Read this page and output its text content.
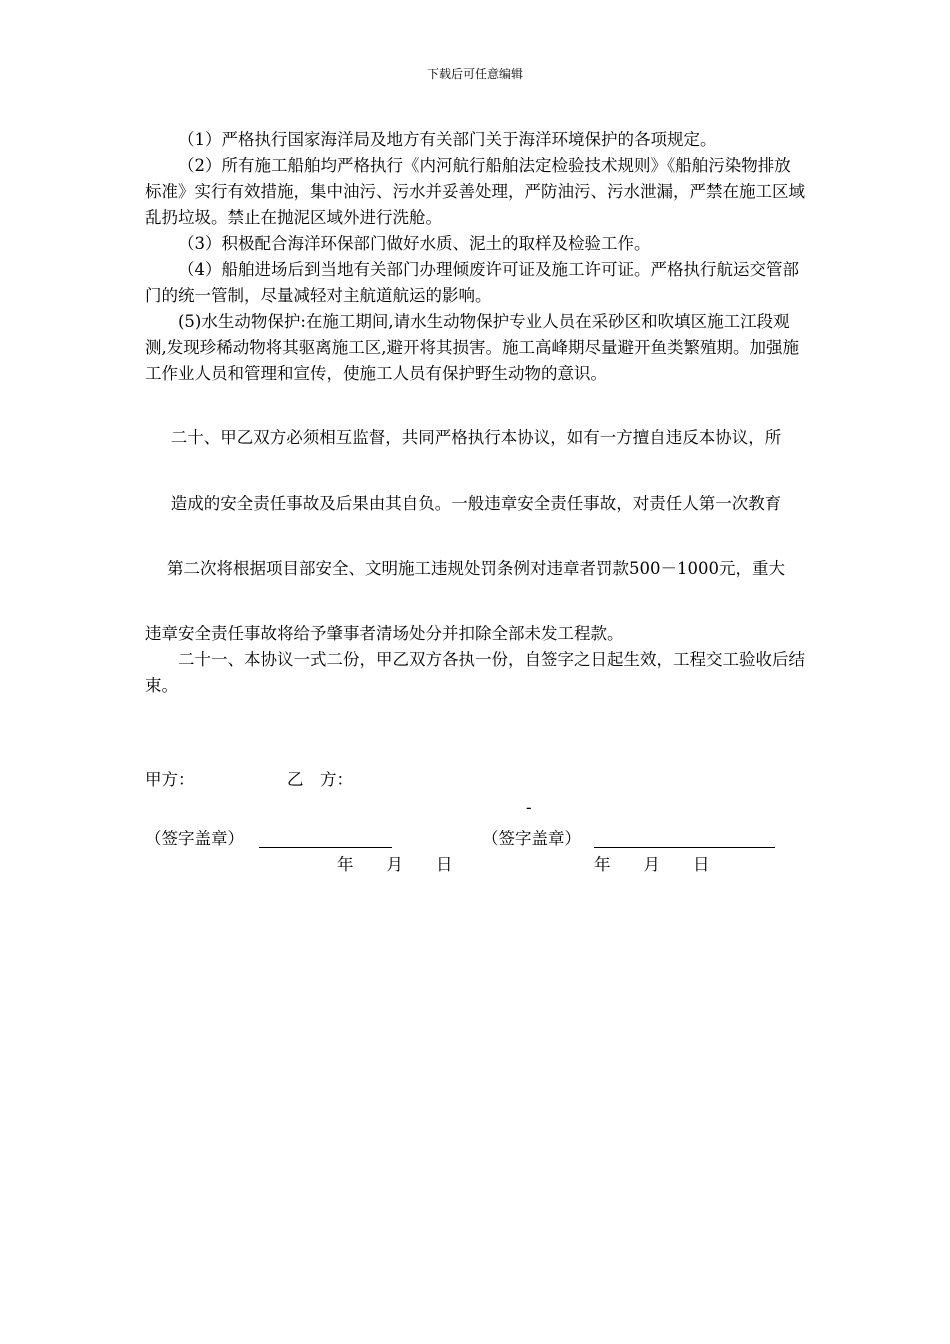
下载后可任意编辑

（1）严格执行国家海洋局及地方有关部门关于海洋环境保护的各项规定。

（2）所有施工船舶均严格执行《内河航行船舶法定检验技术规则》《船舶污染物排放标准》实行有效措施，集中油污、污水并妥善处理，严防油污、污水泄漏，严禁在施工区域乱扔垃圾。禁止在抛泥区域外进行洗舱。

（3）积极配合海洋环保部门做好水质、泥土的取样及检验工作。

（4）船舶进场后到当地有关部门办理倾废许可证及施工许可证。严格执行航运交管部门的统一管制，尽量减轻对主航道航运的影响。

(5)水生动物保护:在施工期间,请水生动物保护专业人员在采砂区和吹填区施工江段观测,发现珍稀动物将其驱离施工区,避开将其损害。施工高峰期尽量避开鱼类繁殖期。加强施工作业人员和管理和宣传，使施工人员有保护野生动物的意识。

二十、甲乙双方必须相互监督，共同严格执行本协议，如有一方擅自违反本协议，所
造成的安全责任事故及后果由其自负。一般违章安全责任事故，对责任人第一次教育
第二次将根据项目部安全、文明施工违规处罚条例对违章者罚款500－1000元，重大

违章安全责任事故将给予肇事者清场处分并扣除全部未发工程款。

二十一、本协议一式二份，甲乙双方各执一份，自签字之日起生效，工程交工验收后结束。

甲方：	乙　方：
-
（签字盖章）	（签字盖章）
年　　月　　日	年　　月　　日
